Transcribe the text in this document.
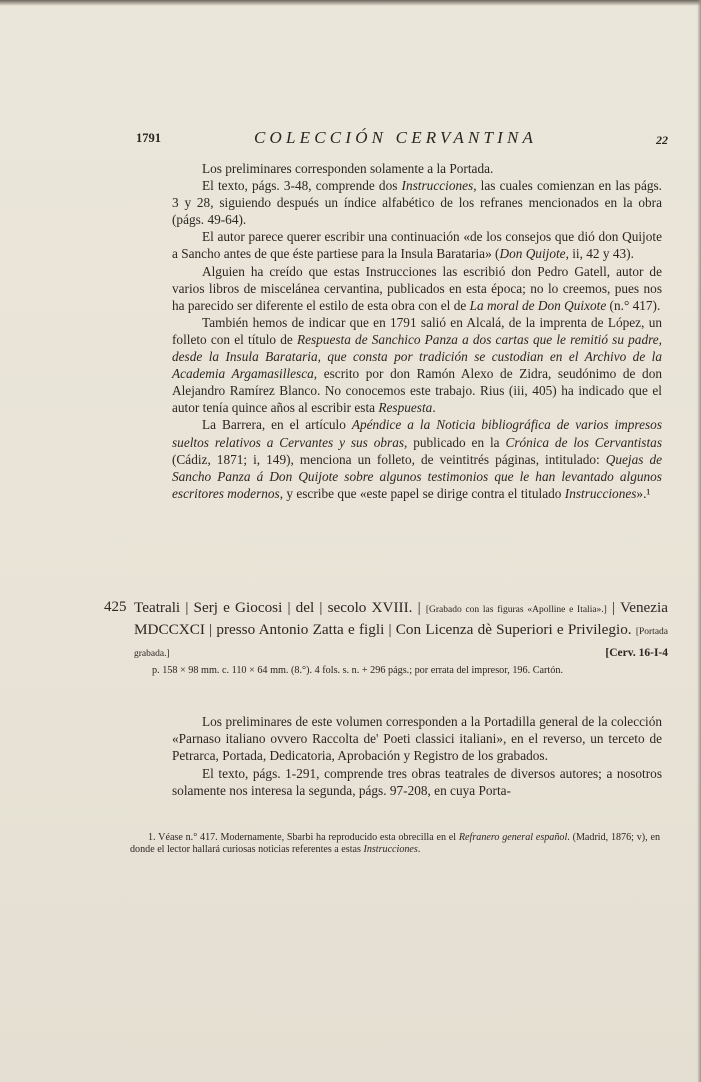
1791	COLECCIÓN CERVANTINA	22

Los preliminares corresponden solamente a la Portada.

El texto, págs. 3-48, comprende dos Instrucciones, las cuales comienzan en las págs. 3 y 28, siguiendo después un índice alfabético de los refranes mencionados en la obra (págs. 49-64).

El autor parece querer escribir una continuación «de los consejos que dió don Quijote a Sancho antes de que éste partiese para la Insula Barataria» (Don Quijote, ii, 42 y 43).

Alguien ha creído que estas Instrucciones las escribió don Pedro Gatell, autor de varios libros de miscelánea cervantina, publicados en esta época; no lo creemos, pues nos ha parecido ser diferente el estilo de esta obra con el de La moral de Don Quixote (n.° 417).

También hemos de indicar que en 1791 salió en Alcalá, de la imprenta de López, un folleto con el título de Respuesta de Sanchico Panza a dos cartas que le remitió su padre, desde la Insula Barataria, que consta por tradición se custodian en el Archivo de la Academia Argamasillesca, escrito por don Ramón Alexo de Zidra, seudónimo de don Alejandro Ramírez Blanco. No conocemos este trabajo. Rius (iii, 405) ha indicado que el autor tenía quince años al escribir esta Respuesta.

La Barrera, en el artículo Apéndice a la Noticia bibliográfica de varios impresos sueltos relativos a Cervantes y sus obras, publicado en la Crónica de los Cervantistas (Cádiz, 1871; i, 149), menciona un folleto, de veintitrés páginas, intitulado: Quejas de Sancho Panza á Don Quijote sobre algunos testimonios que le han levantado algunos escritores modernos, y escribe que «este papel se dirige contra el titulado Instrucciones».¹

425 Teatrali | Serj e Giocosi | del | secolo XVIII. | [Grabado con las figuras «Apolline e Italia».] | Venezia MDCCXCI | presso Antonio Zatta e figli | Con Licenza dè Superiori e Privilegio. [Portada grabada.]	[Cerv. 16-I-4

p. 158 × 98 mm. c. 110 × 64 mm. (8.°). 4 fols. s. n. + 296 págs.; por errata del impresor, 196. Cartón.

Los preliminares de este volumen corresponden a la Portadilla general de la colección «Parnaso italiano ovvero Raccolta de' Poeti classici italiani», en el reverso, un terceto de Petrarca, Portada, Dedicatoria, Aprobación y Registro de los grabados.

El texto, págs. 1-291, comprende tres obras teatrales de diversos autores; a nosotros solamente nos interesa la segunda, págs. 97-208, en cuya Porta-

1. Véase n.° 417. Modernamente, Sbarbi ha reproducido esta obrecilla en el Refranero general español. (Madrid, 1876; v), en donde el lector hallará curiosas noticias referentes a estas Instrucciones.
